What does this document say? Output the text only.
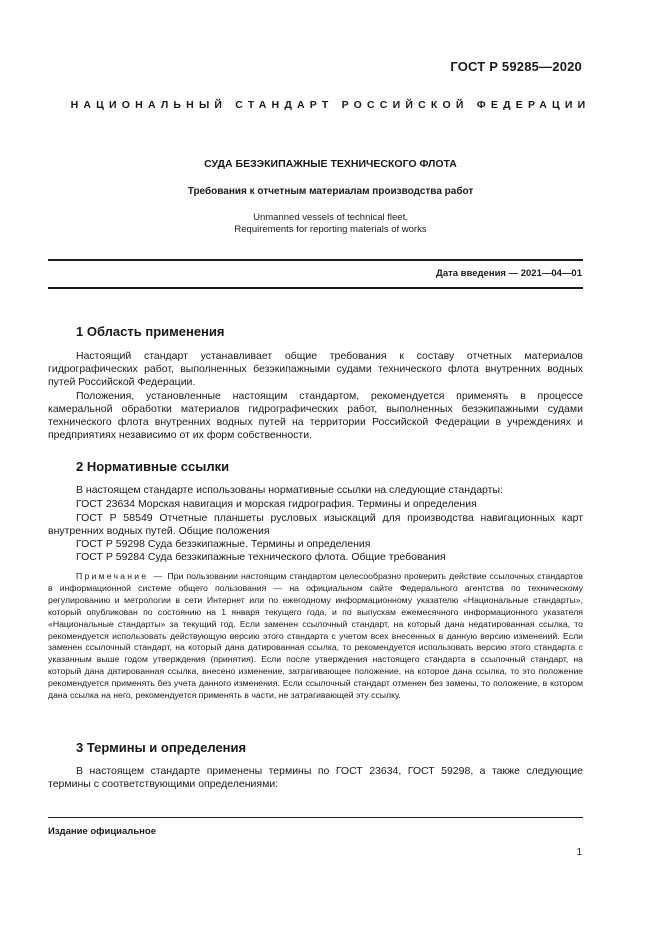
ГОСТ Р 59285—2020
НАЦИОНАЛЬНЫЙ СТАНДАРТ РОССИЙСКОЙ ФЕДЕРАЦИИ
СУДА БЕЗЭКИПАЖНЫЕ ТЕХНИЧЕСКОГО ФЛОТА
Требования к отчетным материалам производства работ
Unmanned vessels of technical fleet.
Requirements for reporting materials of works
Дата введения — 2021—04—01
1 Область применения

Настоящий стандарт устанавливает общие требования к составу отчетных материалов гидрографических работ, выполненных безэкипажными судами технического флота внутренних водных путей Российской Федерации.

Положения, установленные настоящим стандартом, рекомендуется применять в процессе камеральной обработки материалов гидрографических работ, выполненных безэкипажными судами технического флота внутренних водных путей на территории Российской Федерации в учреждениях и предприятиях независимо от их форм собственности.

2 Нормативные ссылки
В настоящем стандарте использованы нормативные ссылки на следующие стандарты:
ГОСТ 23634 Морская навигация и морская гидрография. Термины и определения

ГОСТ Р 58549 Отчетные планшеты русловых изыскаций для производства навигационных карт внутренних водных путей. Общие положения

ГОСТ Р 59298 Суда безэкипажные. Термины и определения
ГОСТ Р 59284 Суда безэкипажные технического флота. Общие требования
Примечание — При пользовании настоящим стандартом целесообразно проверить действие ссылочных стандартов в информационной системе общего пользования — на официальном сайте Федерального агентства по техническому регулированию и метрологии в сети Интернет или по ежегодному информационному указателю «Национальные стандарты», который опубликован по состоянию на 1 января текущего года, и по выпускам ежемесячного информационного указателя «Национальные стандарты» за текущий год. Если заменен ссылочный стандарт, на который дана недатированная ссылка, то рекомендуется использовать действующую версию этого стандарта с учетом всех внесенных в данную версию изменений. Если заменен ссылочный стандарт, на который дана датированная ссылка, то рекомендуется использовать версию этого стандарта с указанным выше годом утверждения (принятия). Если после утверждения настоящего стандарта в ссылочный стандарт, на который дана датированная ссылка, внесено изменение, затрагивающее положение, на которое дана ссылка, то это положение рекомендуется применять без учета данного изменения. Если ссылочный стандарт отменен без замены, то положение, в котором дана ссылка на него, рекомендуется применять в части, не затрагивающей эту ссылку.
3 Термины и определения

В настоящем стандарте применены термины по ГОСТ 23634, ГОСТ 59298, а также следующие термины с соответствующими определениями:

Издание официальное
1
